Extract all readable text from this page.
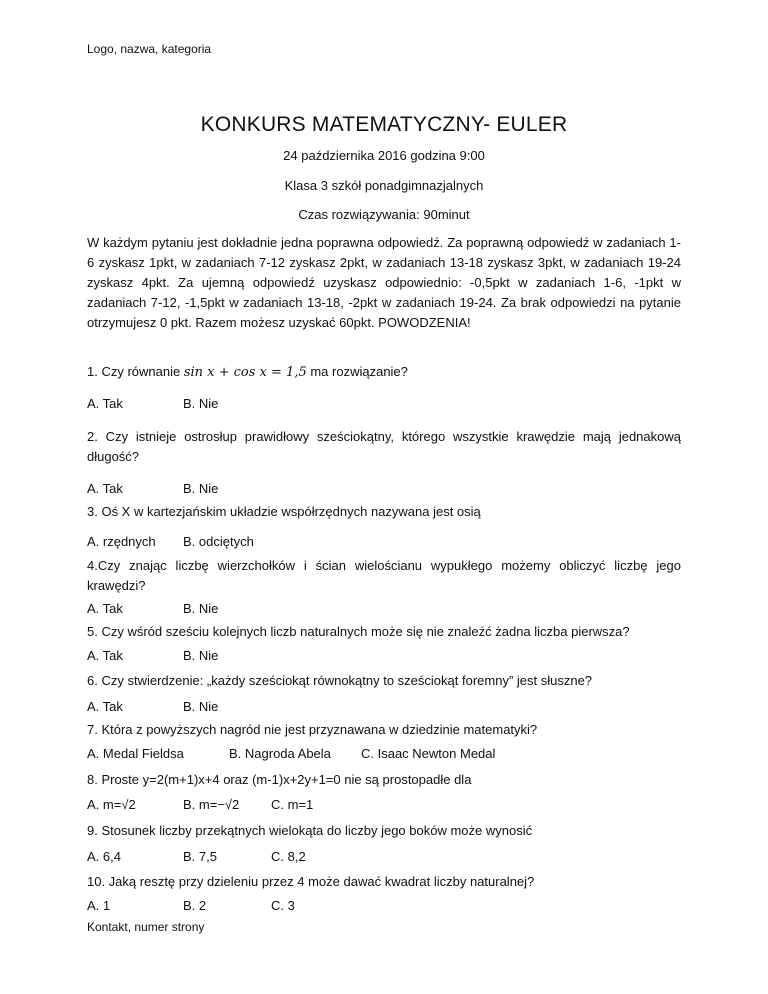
Logo, nazwa, kategoria
KONKURS MATEMATYCZNY- EULER
24 października 2016 godzina 9:00
Klasa 3 szkół ponadgimnazjalnych
Czas rozwiązywania: 90minut
W każdym pytaniu jest dokładnie jedna poprawna odpowiedź. Za poprawną odpowiedź w zadaniach 1-6 zyskasz 1pkt, w zadaniach 7-12 zyskasz 2pkt, w zadaniach 13-18 zyskasz 3pkt, w zadaniach 19-24 zyskasz 4pkt. Za ujemną odpowiedź uzyskasz odpowiednio: -0,5pkt w zadaniach 1-6, -1pkt w zadaniach 7-12, -1,5pkt w zadaniach 13-18, -2pkt w zadaniach 19-24. Za brak odpowiedzi na pytanie otrzymujesz 0 pkt. Razem możesz uzyskać 60pkt. POWODZENIA!
1. Czy równanie sin x + cos x = 1,5 ma rozwiązanie?
A. Tak	B. Nie
2. Czy istnieje ostrosłup prawidłowy sześciokątny, którego wszystkie krawędzie mają jednakową długość?
A. Tak	B. Nie
3. Oś X w kartezjańskim układzie współrzędnych nazywana jest osią
A. rzędnych B. odciętych
4.Czy znając liczbę wierzchołków i ścian wielościanu wypukłego możemy obliczyć liczbę jego krawędzi?
A. Tak	B. Nie
5. Czy wśród sześciu kolejnych liczb naturalnych może się nie znaleźć żadna liczba pierwsza?
A. Tak	B. Nie
6. Czy stwierdzenie: „każdy sześciokąt równokątny to sześciokąt foremny” jest słuszne?
A. Tak	B. Nie
7. Która z powyższych nagród nie jest przyznawana w dziedzinie matematyki?
A. Medal Fieldsa	B. Nagroda Abela C. Isaac Newton Medal
8. Proste y=2(m+1)x+4 oraz (m-1)x+2y+1=0 nie są prostopadłe dla
A. m=√2	B. m=−√2 C. m=1
9. Stosunek liczby przekątnych wielokąta do liczby jego boków może wynosić
A. 6,4	B. 7,5	C. 8,2
10. Jaką resztę przy dzieleniu przez 4 może dawać kwadrat liczby naturalnej?
A. 1	B. 2	C. 3
Kontakt, numer strony
